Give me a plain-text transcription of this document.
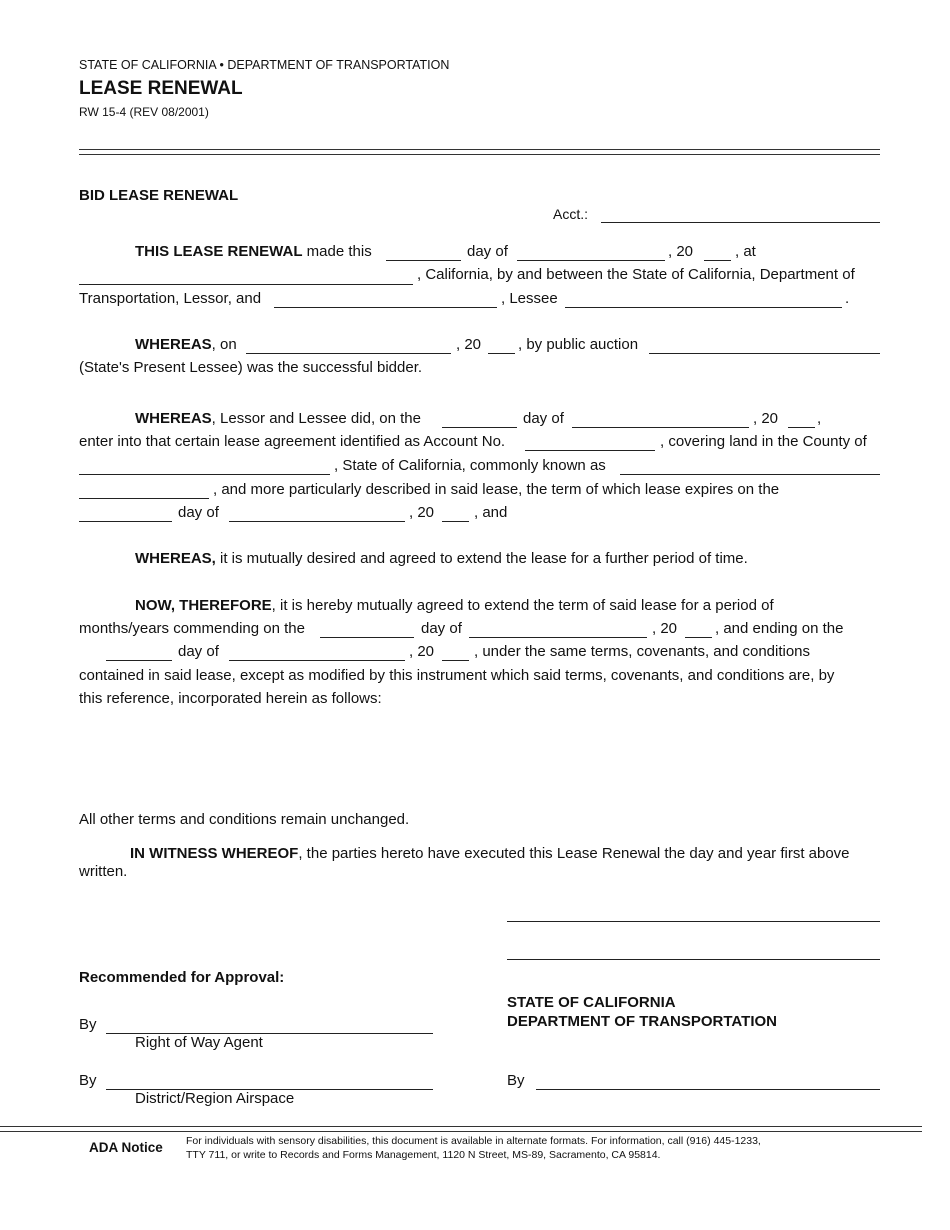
STATE OF CALIFORNIA • DEPARTMENT OF TRANSPORTATION
LEASE RENEWAL
RW 15-4 (REV 08/2001)
BID LEASE RENEWAL
Acct.:
THIS LEASE RENEWAL made this	day of	, 20	, at
, California, by and between the State of California, Department of
Transportation, Lessor, and	, Lessee	.
WHEREAS, on	, 20 , by public auction
(State's Present Lessee) was the successful bidder.
WHEREAS, Lessor and Lessee did, on the	day of	, 20	,
enter into that certain lease agreement identified as Account No.	, covering land in the County of
, State of California, commonly known as
, and more particularly described in said lease, the term of which lease expires on the
day of	, 20	, and
WHEREAS, it is mutually desired and agreed to extend the lease for a further period of time.
NOW, THEREFORE, it is hereby mutually agreed to extend the term of said lease for a period of
months/years commending on the	day of	, 20	, and ending on the
day of	, 20	, under the same terms, covenants, and conditions
contained in said lease, except as modified by this instrument which said terms, covenants, and conditions are, by
this reference, incorporated herein as follows:
All other terms and conditions remain unchanged.
IN WITNESS WHEREOF, the parties hereto have executed this Lease Renewal the day and year first above
written.
Recommended for Approval:
STATE OF CALIFORNIA
DEPARTMENT OF TRANSPORTATION
By
Right of Way Agent
By
District/Region Airspace
By
ADA Notice For individuals with sensory disabilities, this document is available in alternate formats. For information, call (916) 445-1233,
TTY 711, or write to Records and Forms Management, 1120 N Street, MS-89, Sacramento, CA 95814.
